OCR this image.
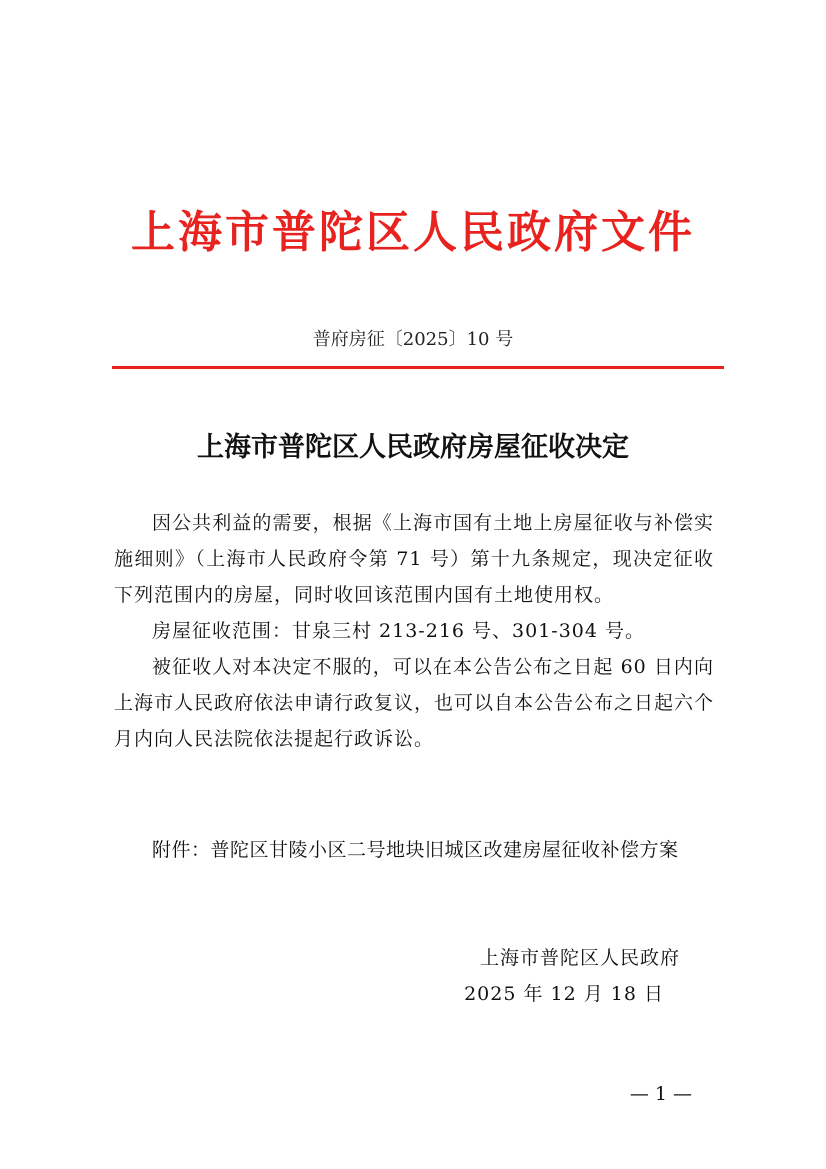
上海市普陀区人民政府文件
普府房征〔2025〕10 号
上海市普陀区人民政府房屋征收决定

因公共利益的需要，根据《上海市国有土地上房屋征收与补偿实施细则》（上海市人民政府令第 71 号）第十九条规定，现决定征收下列范围内的房屋，同时收回该范围内国有土地使用权。

房屋征收范围：甘泉三村 213-216 号、301-304 号。

被征收人对本决定不服的，可以在本公告公布之日起 60 日内向上海市人民政府依法申请行政复议，也可以自本公告公布之日起六个月内向人民法院依法提起行政诉讼。

附件：普陀区甘陵小区二号地块旧城区改建房屋征收补偿方案
上海市普陀区人民政府
2025 年 12 月 18 日
— 1 —
